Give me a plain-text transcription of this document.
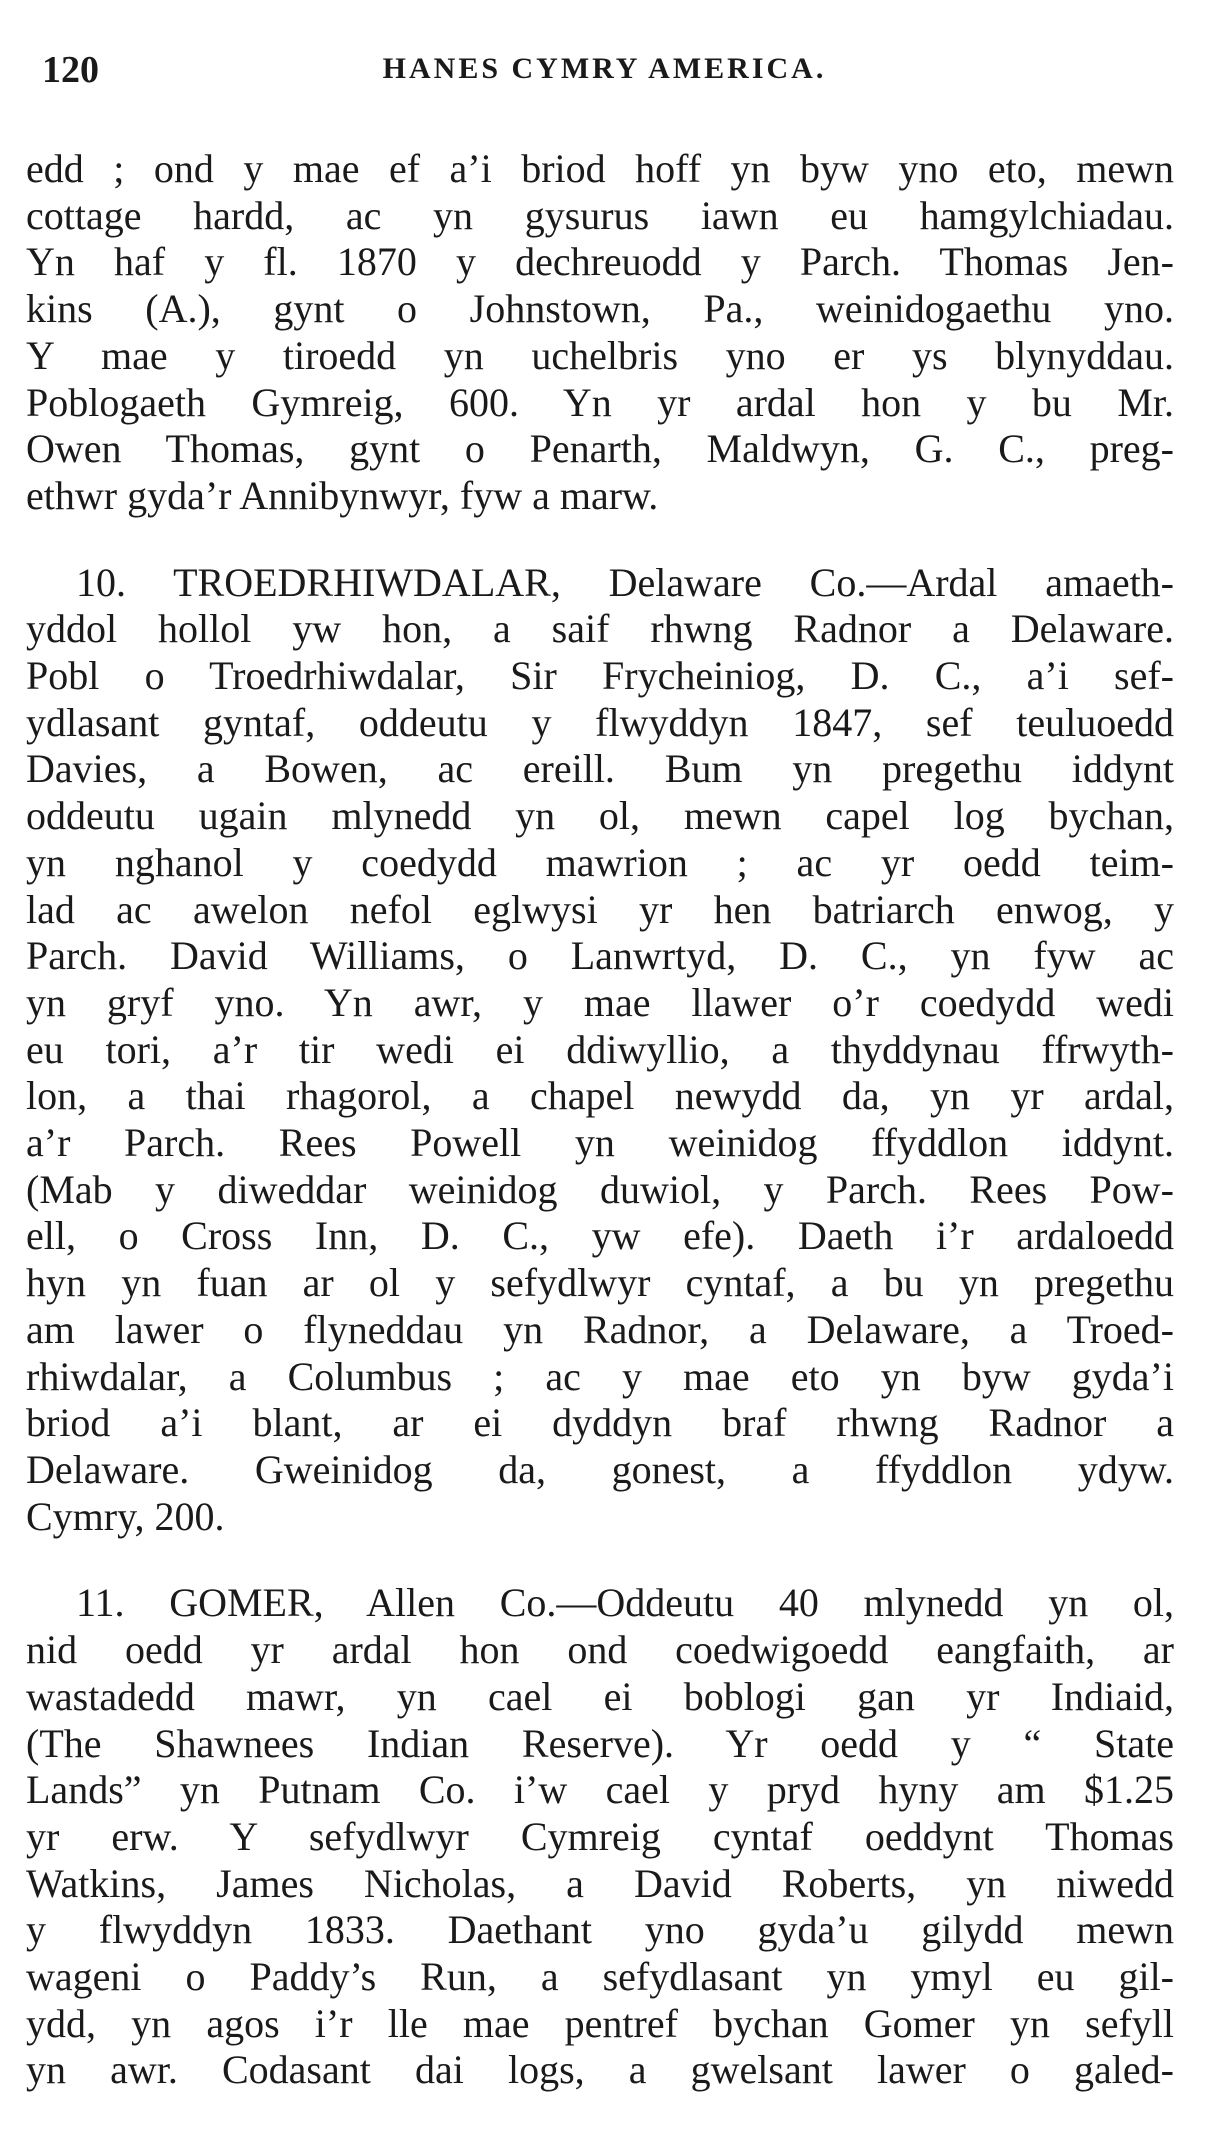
120	HANES CYMRY AMERICA.
edd ; ond y mae ef a’i briod hoff yn byw yno eto, mewn
cottage hardd, ac yn gysurus iawn eu hamgylchiadau.
Yn haf y fl. 1870 y dechreuodd y Parch. Thomas Jen-
kins (A.), gynt o Johnstown, Pa., weinidogaethu yno.
Y mae y tiroedd yn uchelbris yno er ys blynyddau.
Poblogaeth Gymreig, 600. Yn yr ardal hon y bu Mr.
Owen Thomas, gynt o Penarth, Maldwyn, G. C., preg-
ethwr gyda’r Annibynwyr, fyw a marw.
10. TROEDRHIWDALAR, Delaware Co.—Ardal amaeth-
yddol hollol yw hon, a saif rhwng Radnor a Delaware.
Pobl o Troedrhiwdalar, Sir Frycheiniog, D. C., a’i sef-
ydlasant gyntaf, oddeutu y flwyddyn 1847, sef teuluoedd
Davies, a Bowen, ac ereill. Bum yn pregethu iddynt
oddeutu ugain mlynedd yn ol, mewn capel log bychan,
yn nghanol y coedydd mawrion ; ac yr oedd teim-
lad ac awelon nefol eglwysi yr hen batriarch enwog, y
Parch. David Williams, o Lanwrtyd, D. C., yn fyw ac
yn gryf yno. Yn awr, y mae llawer o’r coedydd wedi
eu tori, a’r tir wedi ei ddiwyllio, a thyddynau ffrwyth-
lon, a thai rhagorol, a chapel newydd da, yn yr ardal,
a’r Parch. Rees Powell yn weinidog ffyddlon iddynt.
(Mab y diweddar weinidog duwiol, y Parch. Rees Pow-
ell, o Cross Inn, D. C., yw efe). Daeth i’r ardaloedd
hyn yn fuan ar ol y sefydlwyr cyntaf, a bu yn pregethu
am lawer o flyneddau yn Radnor, a Delaware, a Troed-
rhiwdalar, a Columbus ; ac y mae eto yn byw gyda’i
briod a’i blant, ar ei dyddyn braf rhwng Radnor a
Delaware. Gweinidog da, gonest, a ffyddlon ydyw.
Cymry, 200.
11. GOMER, Allen Co.—Oddeutu 40 mlynedd yn ol,
nid oedd yr ardal hon ond coedwigoedd eangfaith, ar
wastadedd mawr, yn cael ei boblogi gan yr Indiaid,
(The Shawnees Indian Reserve). Yr oedd y “ State
Lands” yn Putnam Co. i’w cael y pryd hyny am $1.25
yr erw. Y sefydlwyr Cymreig cyntaf oeddynt Thomas
Watkins, James Nicholas, a David Roberts, yn niwedd
y flwyddyn 1833. Daethant yno gyda’u gilydd mewn
wageni o Paddy’s Run, a sefydlasant yn ymyl eu gil-
ydd, yn agos i’r lle mae pentref bychan Gomer yn sefyll
yn awr. Codasant dai logs, a gwelsant lawer o galed-
